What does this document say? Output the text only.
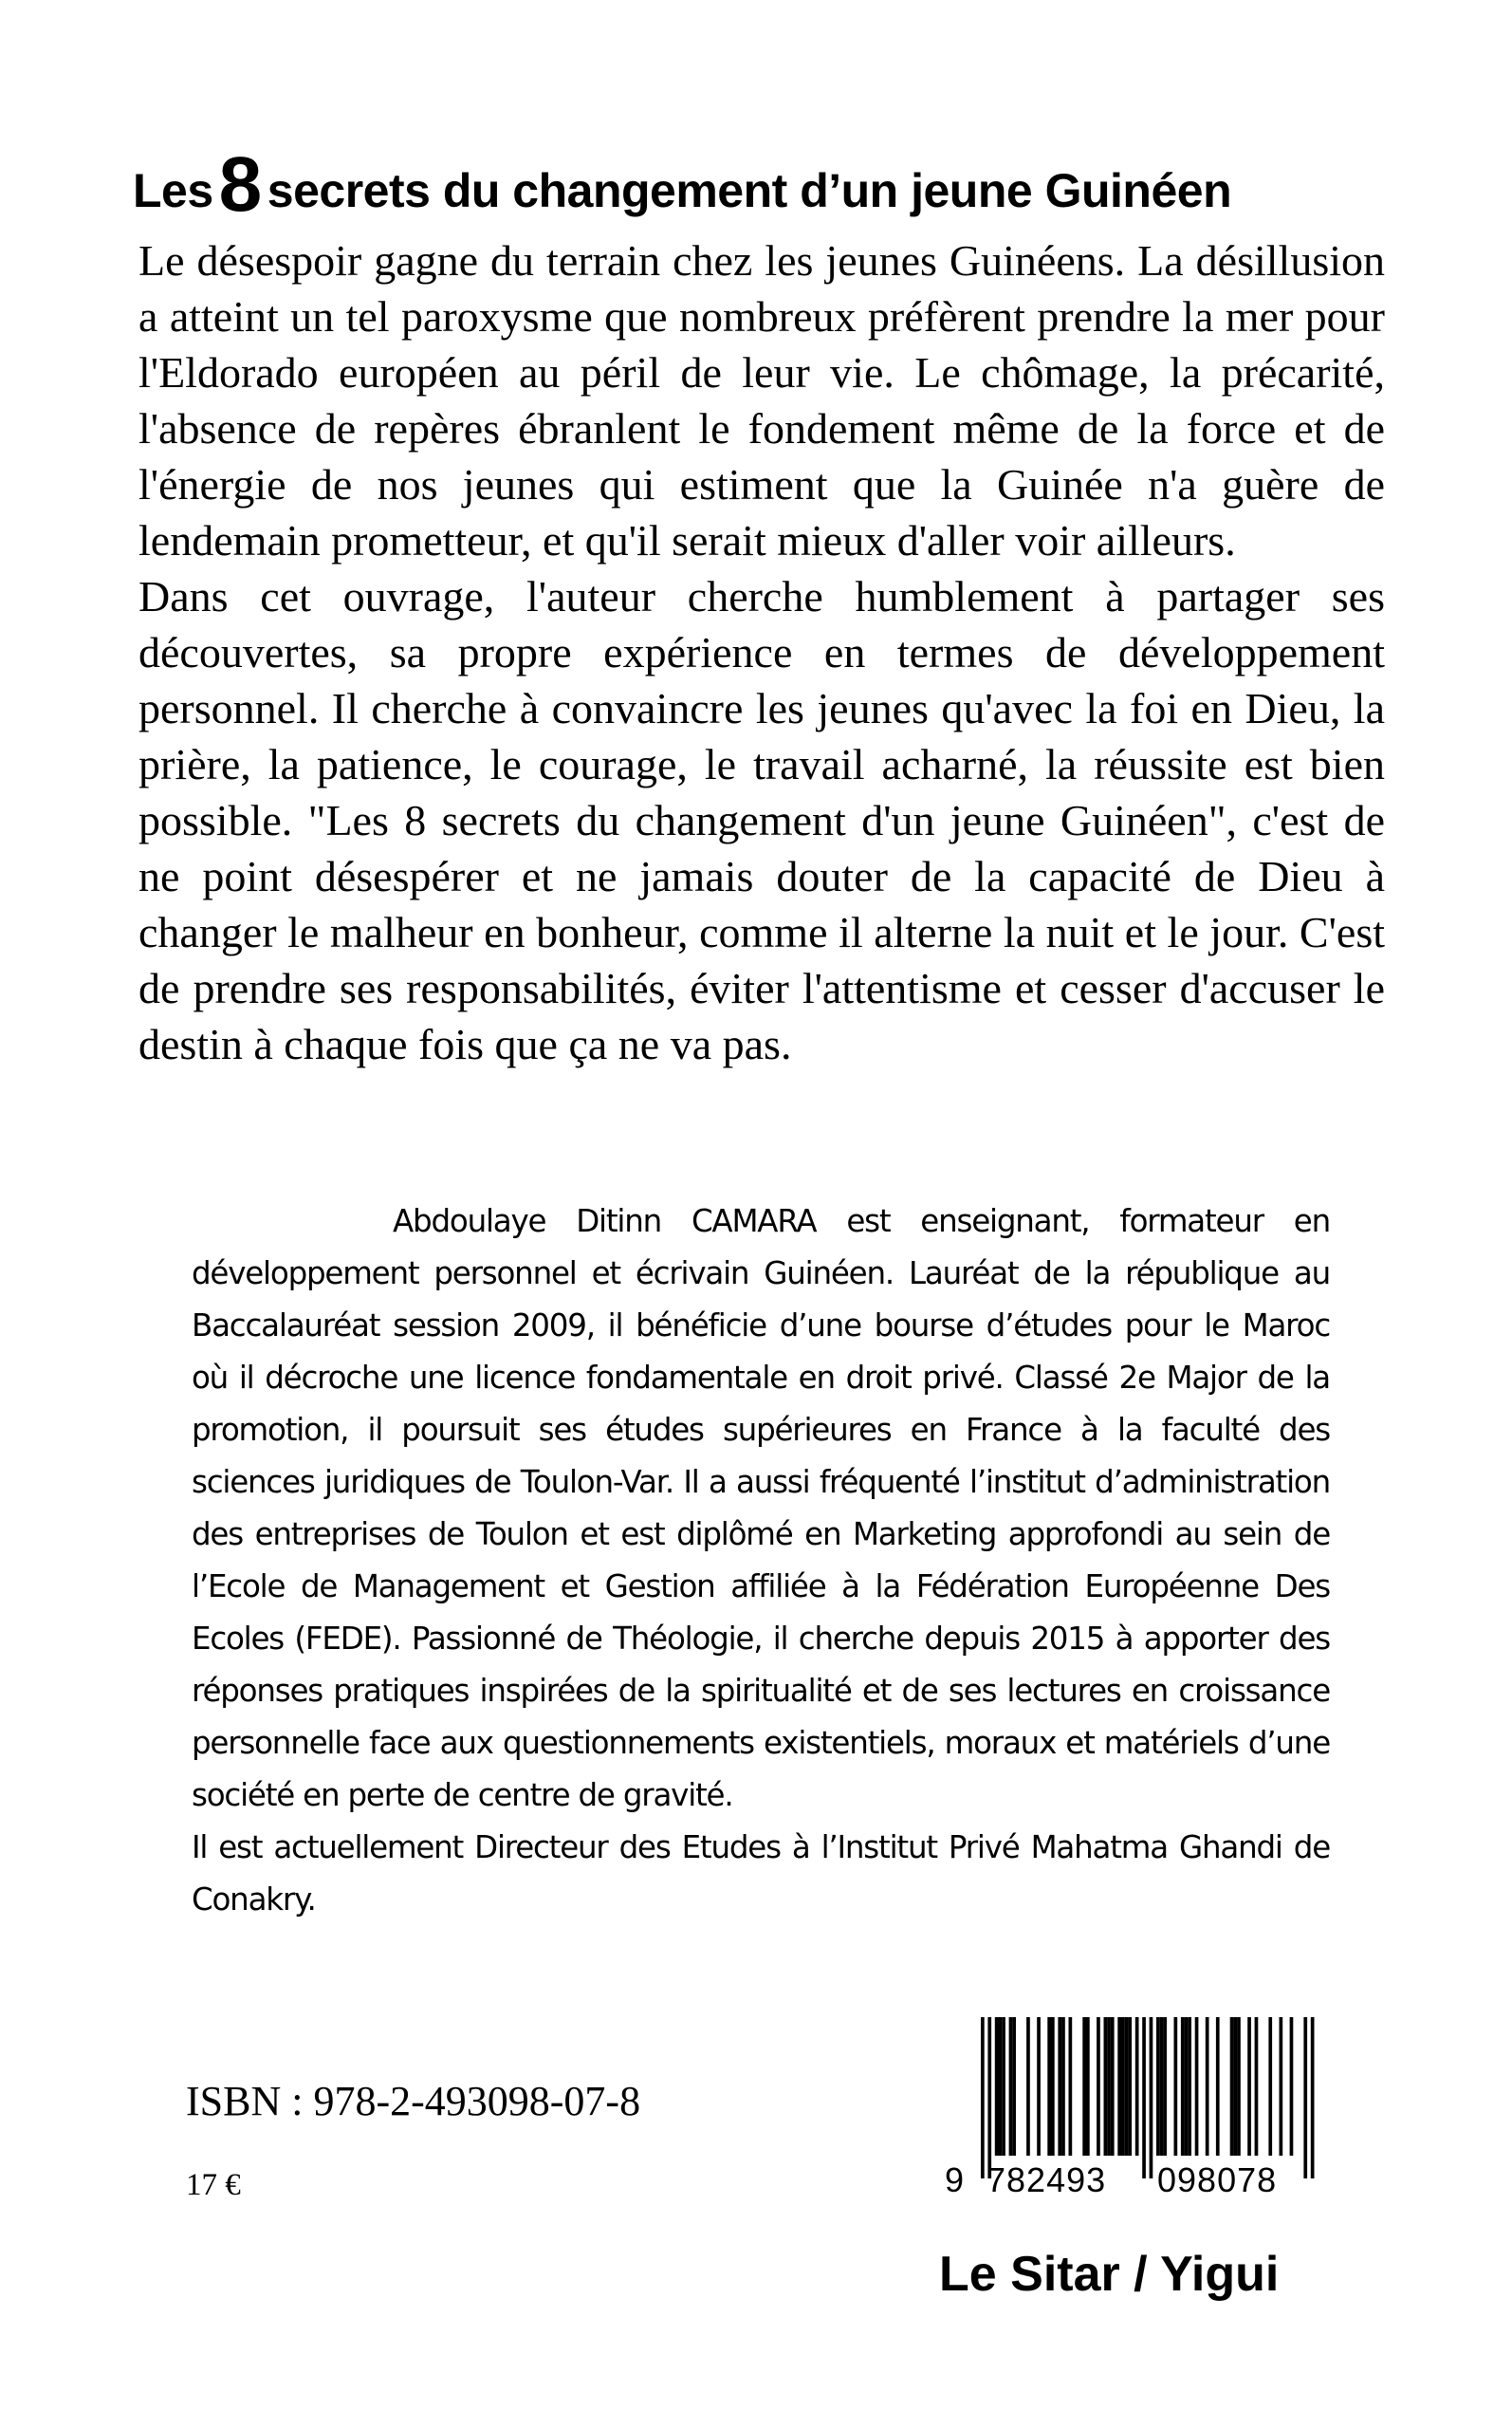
Les8 secrets du changement d’un jeune Guinéen

Le désespoir gagne du terrain chez les jeunes Guinéens. La désillusion a atteint un tel paroxysme que nombreux préfèrent prendre la mer pour l'Eldorado européen au péril de leur vie. Le chômage, la précarité, l'absence de repères ébranlent le fondement même de la force et de l'énergie de nos jeunes qui estiment que la Guinée n'a guère de lendemain prometteur, et qu'il serait mieux d'aller voir ailleurs.

Dans cet ouvrage, l'auteur cherche humblement à partager ses découvertes, sa propre expérience en termes de développement personnel. Il cherche à convaincre les jeunes qu'avec la foi en Dieu, la prière, la patience, le courage, le travail acharné, la réussite est bien possible. "Les 8 secrets du changement d'un jeune Guinéen", c'est de ne point désespérer et ne jamais douter de la capacité de Dieu à changer le malheur en bonheur, comme il alterne la nuit et le jour. C'est de prendre ses responsabilités, éviter l'attentisme et cesser d'accuser le destin à chaque fois que ça ne va pas.

Abdoulaye Ditinn CAMARA est enseignant, formateur en développement personnel et écrivain Guinéen. Lauréat de la république au Baccalauréat session 2009, il bénéficie d’une bourse d’études pour le Maroc où il décroche une licence fondamentale en droit privé. Classé 2e Major de la promotion, il poursuit ses études supérieures en France à la faculté des sciences juridiques de Toulon-Var. Il a aussi fréquenté l’institut d’administration des entreprises de Toulon et est diplômé en Marketing approfondi au sein de l’Ecole de Management et Gestion affiliée à la Fédération Européenne Des Ecoles (FEDE). Passionné de Théologie, il cherche depuis 2015 à apporter des réponses pratiques inspirées de la spiritualité et de ses lectures en croissance personnelle face aux questionnements existentiels, moraux et matériels d’une société en perte de centre de gravité.

Il est actuellement Directeur des Etudes à l’Institut Privé Mahatma Ghandi de Conakry.

ISBN : 978-2-493098-07-8
17 €	9 782493 098078
Le Sitar / Yigui
